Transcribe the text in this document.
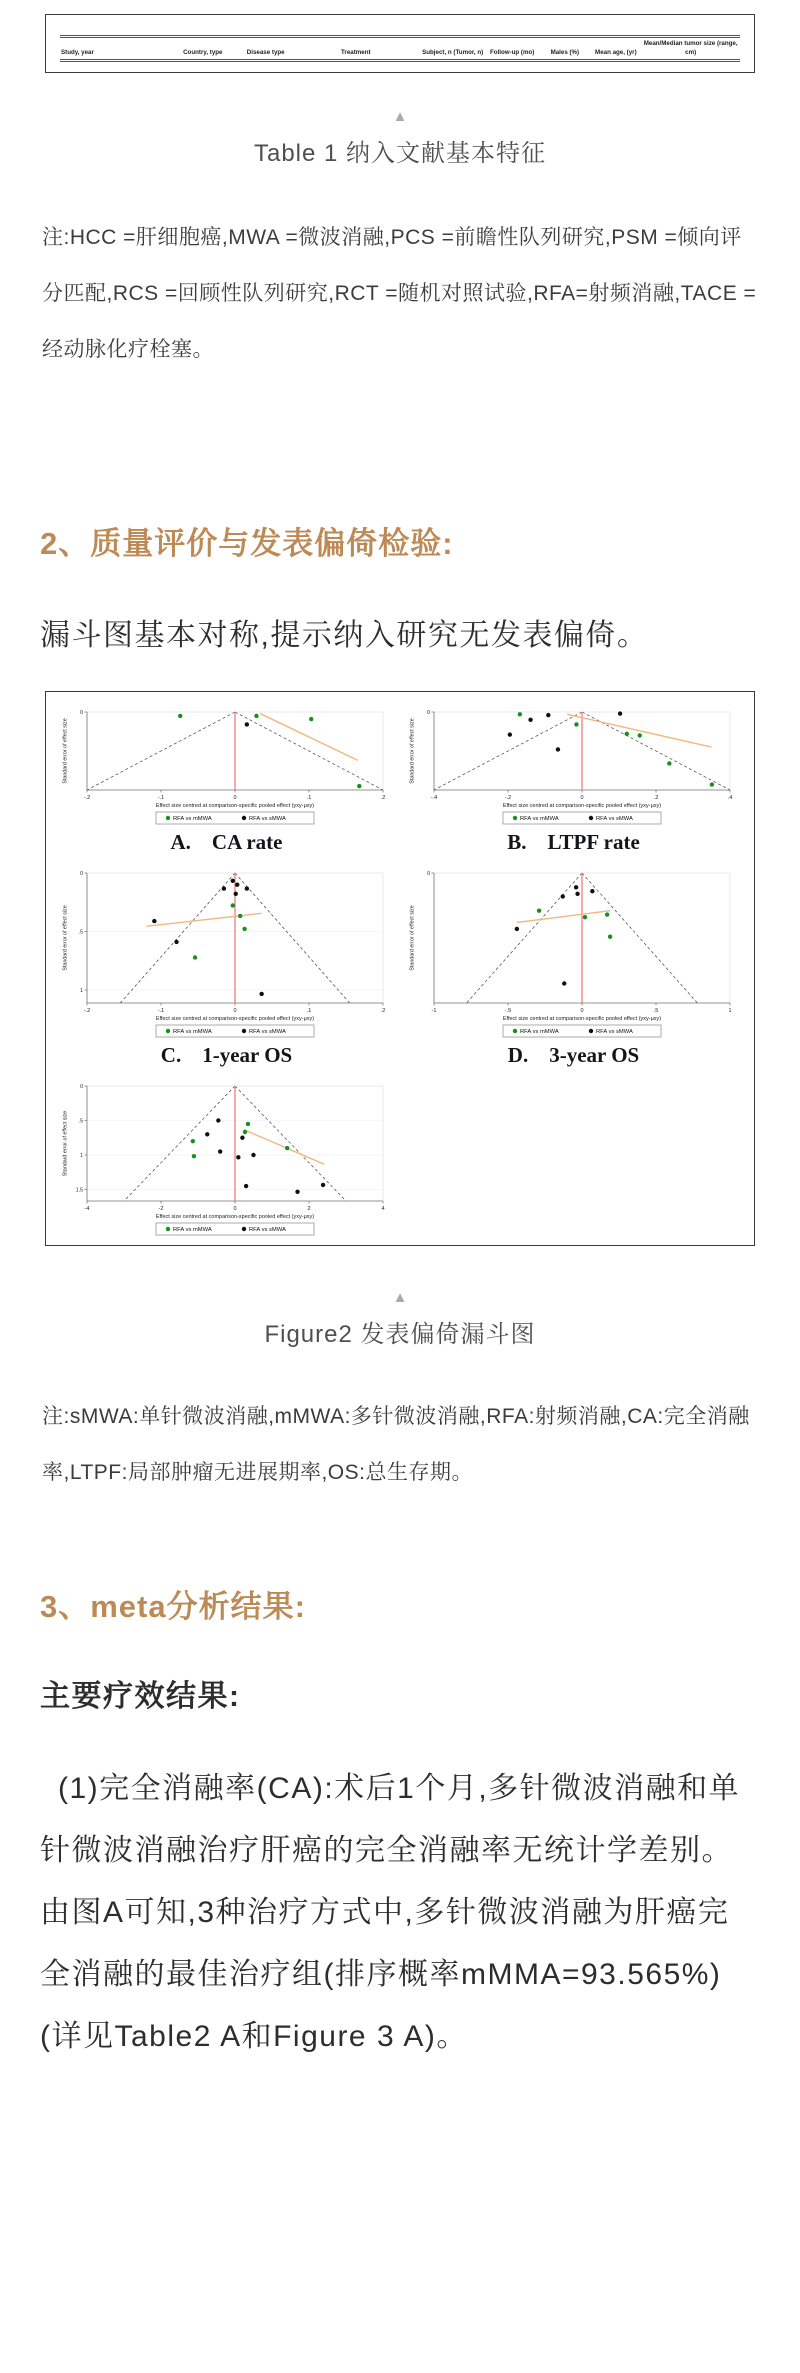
Study, year	Country, type	Disease type	Treatment	Subject, n (Tumor, n)	Follow-up (mo)	Males (%)	Mean age, (yr)	Mean/Median tumor size (range, cm)
▲
Table 1 纳入文献基本特征
注:HCC =肝细胞癌,MWA =微波消融,PCS =前瞻性队列研究,PSM =倾向评分匹配,RCS =回顾性队列研究,RCT =随机对照试验,RFA=射频消融,TACE =经动脉化疗栓塞。
2、质量评价与发表偏倚检验:
漏斗图基本对称,提示纳入研究无发表偏倚。
0
-.2	-.1	0	.1	.2
Effect size centred at comparison-specific pooled effect (yxy-μxy)
Standard error of effect size
RFA vs mMWA	RFA vs sMWA
A.  CA rate
0
-.4	-.2	0	.2	.4
Effect size centred at comparison-specific pooled effect (yxy-μxy)
Standard error of effect size
RFA vs mMWA	RFA vs sMWA
B.  LTPF rate
0
.5
1
-.2	-.1	0	.1	.2
Effect size centred at comparison-specific pooled effect (yxy-μxy)
Standard error of effect size
RFA vs mMWA	RFA vs sMWA
C.  1-year OS
0
-1	-.5	0	.5	1
Effect size centred at comparison-specific pooled effect (yxy-μxy)
Standard error of effect size
RFA vs mMWA	RFA vs sMWA
D.  3-year OS
0
.5
1
1.5
-4	-2	0	2	4
Effect size centred at comparison-specific pooled effect (yxy-μxy)
Standard error of effect size
RFA vs mMWA	RFA vs sMWA
▲
Figure2 发表偏倚漏斗图
注:sMWA:单针微波消融,mMWA:多针微波消融,RFA:射频消融,CA:完全消融率,LTPF:局部肿瘤无进展期率,OS:总生存期。
3、meta分析结果:
主要疗效结果:
(1)完全消融率(CA):术后1个月,多针微波消融和单针微波消融治疗肝癌的完全消融率无统计学差别。由图A可知,3种治疗方式中,多针微波消融为肝癌完全消融的最佳治疗组(排序概率mMMA=93.565%)(详见Table2 A和Figure 3 A)。
